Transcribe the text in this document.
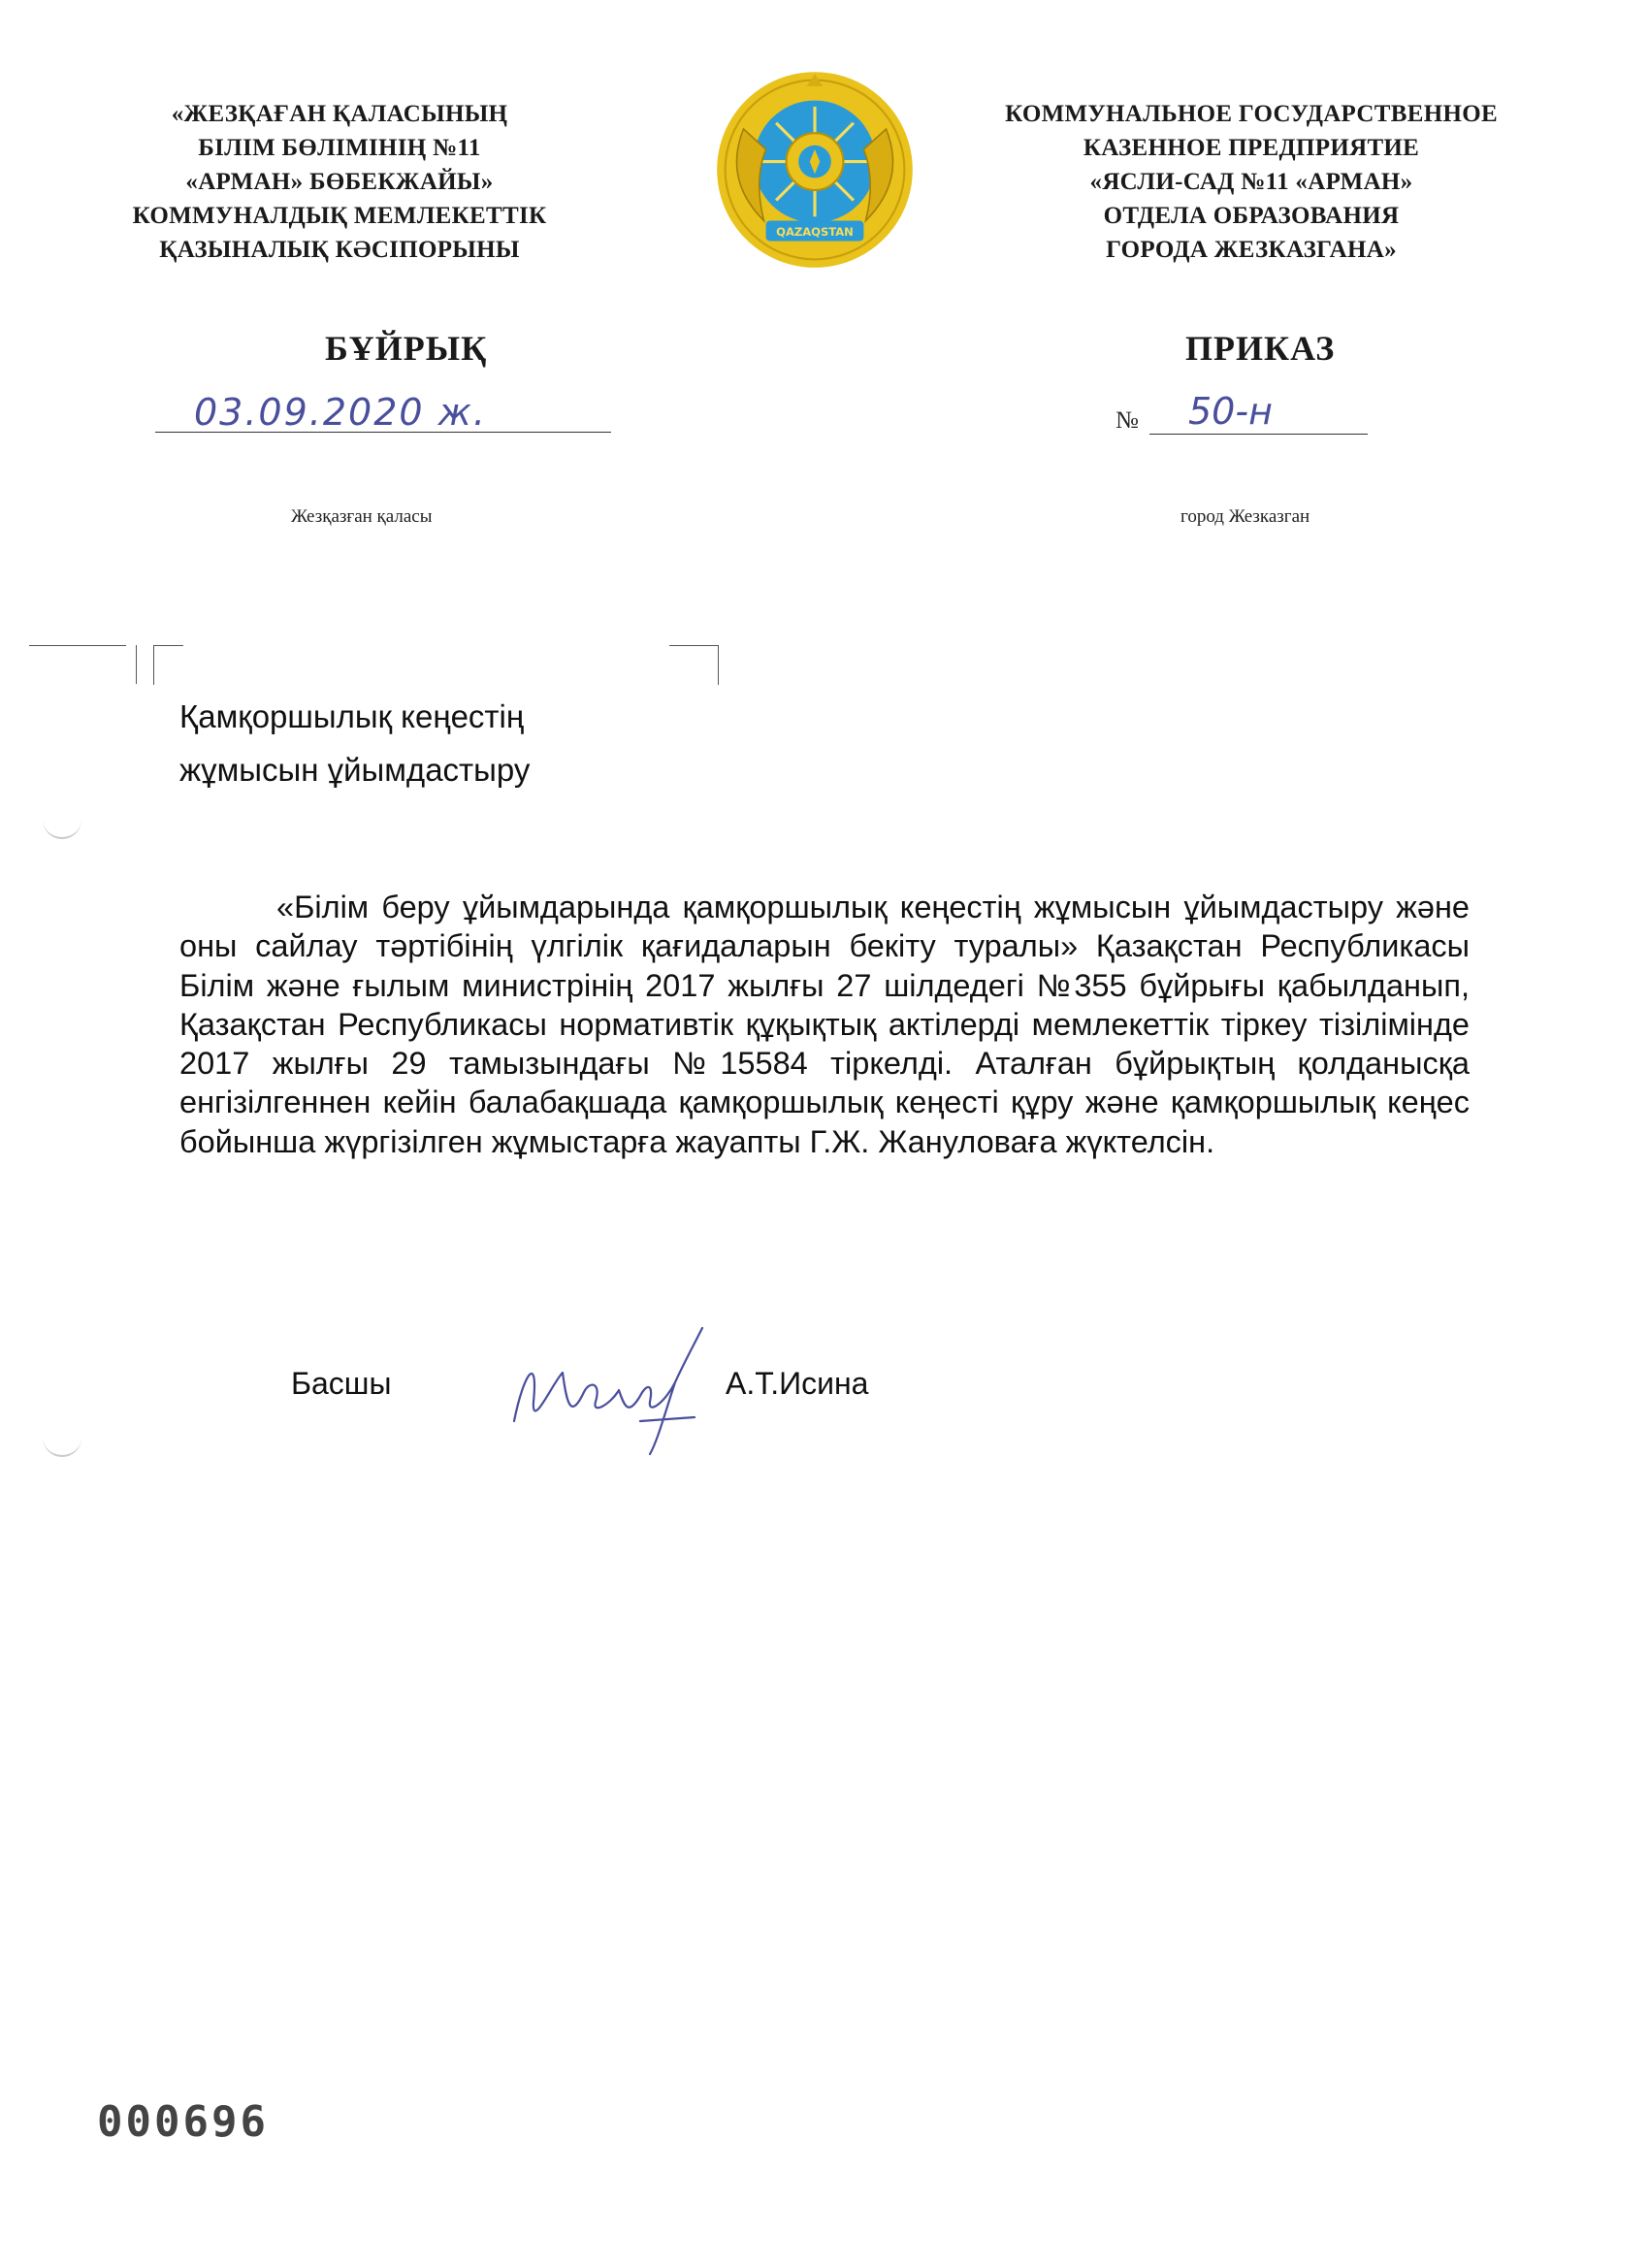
«ЖЕЗҚАҒАН ҚАЛАСЫНЫҢ
БІЛІМ БӨЛІМІНІҢ №11
«АРМАН» БӨБЕКЖАЙЫ»
КОММУНАЛДЫҚ МЕМЛЕКЕТТІК
ҚАЗЫНАЛЫҚ КӘСІПОРЫНЫ
QAZAQSTAN
КОММУНАЛЬНОЕ ГОСУДАРСТВЕННОЕ
КАЗЕННОЕ ПРЕДПРИЯТИЕ
«ЯСЛИ-САД №11 «АРМАН»
ОТДЕЛА ОБРАЗОВАНИЯ
ГОРОДА ЖЕЗКАЗГАНА»
БҰЙРЫҚ	ПРИКАЗ
03.09.2020 ж.	№ 50-н
Жезқазған қаласы	город Жезказган
Қамқоршылық кеңестің
жұмысын ұйымдастыру
«Білім беру ұйымдарында қамқоршылық кеңестің жұмысын ұйымдастыру және оны сайлау тәртібінің үлгілік қағидаларын бекіту туралы» Қазақстан Республикасы Білім және ғылым министрінің 2017 жылғы 27 шілдедегі №355 бұйрығы қабылданып, Қазақстан Республикасы нормативтік құқықтық актілерді мемлекеттік тіркеу тізілімінде 2017 жылғы 29 тамызындағы №15584 тіркелді. Аталған бұйрықтың қолданысқа енгізілгеннен кейін балабақшада қамқоршылық кеңесті құру және қамқоршылық кеңес бойынша жүргізілген жұмыстарға жауапты Г.Ж. Жануловаға жүктелсін.
Басшы	А.Т.Исина
000696
